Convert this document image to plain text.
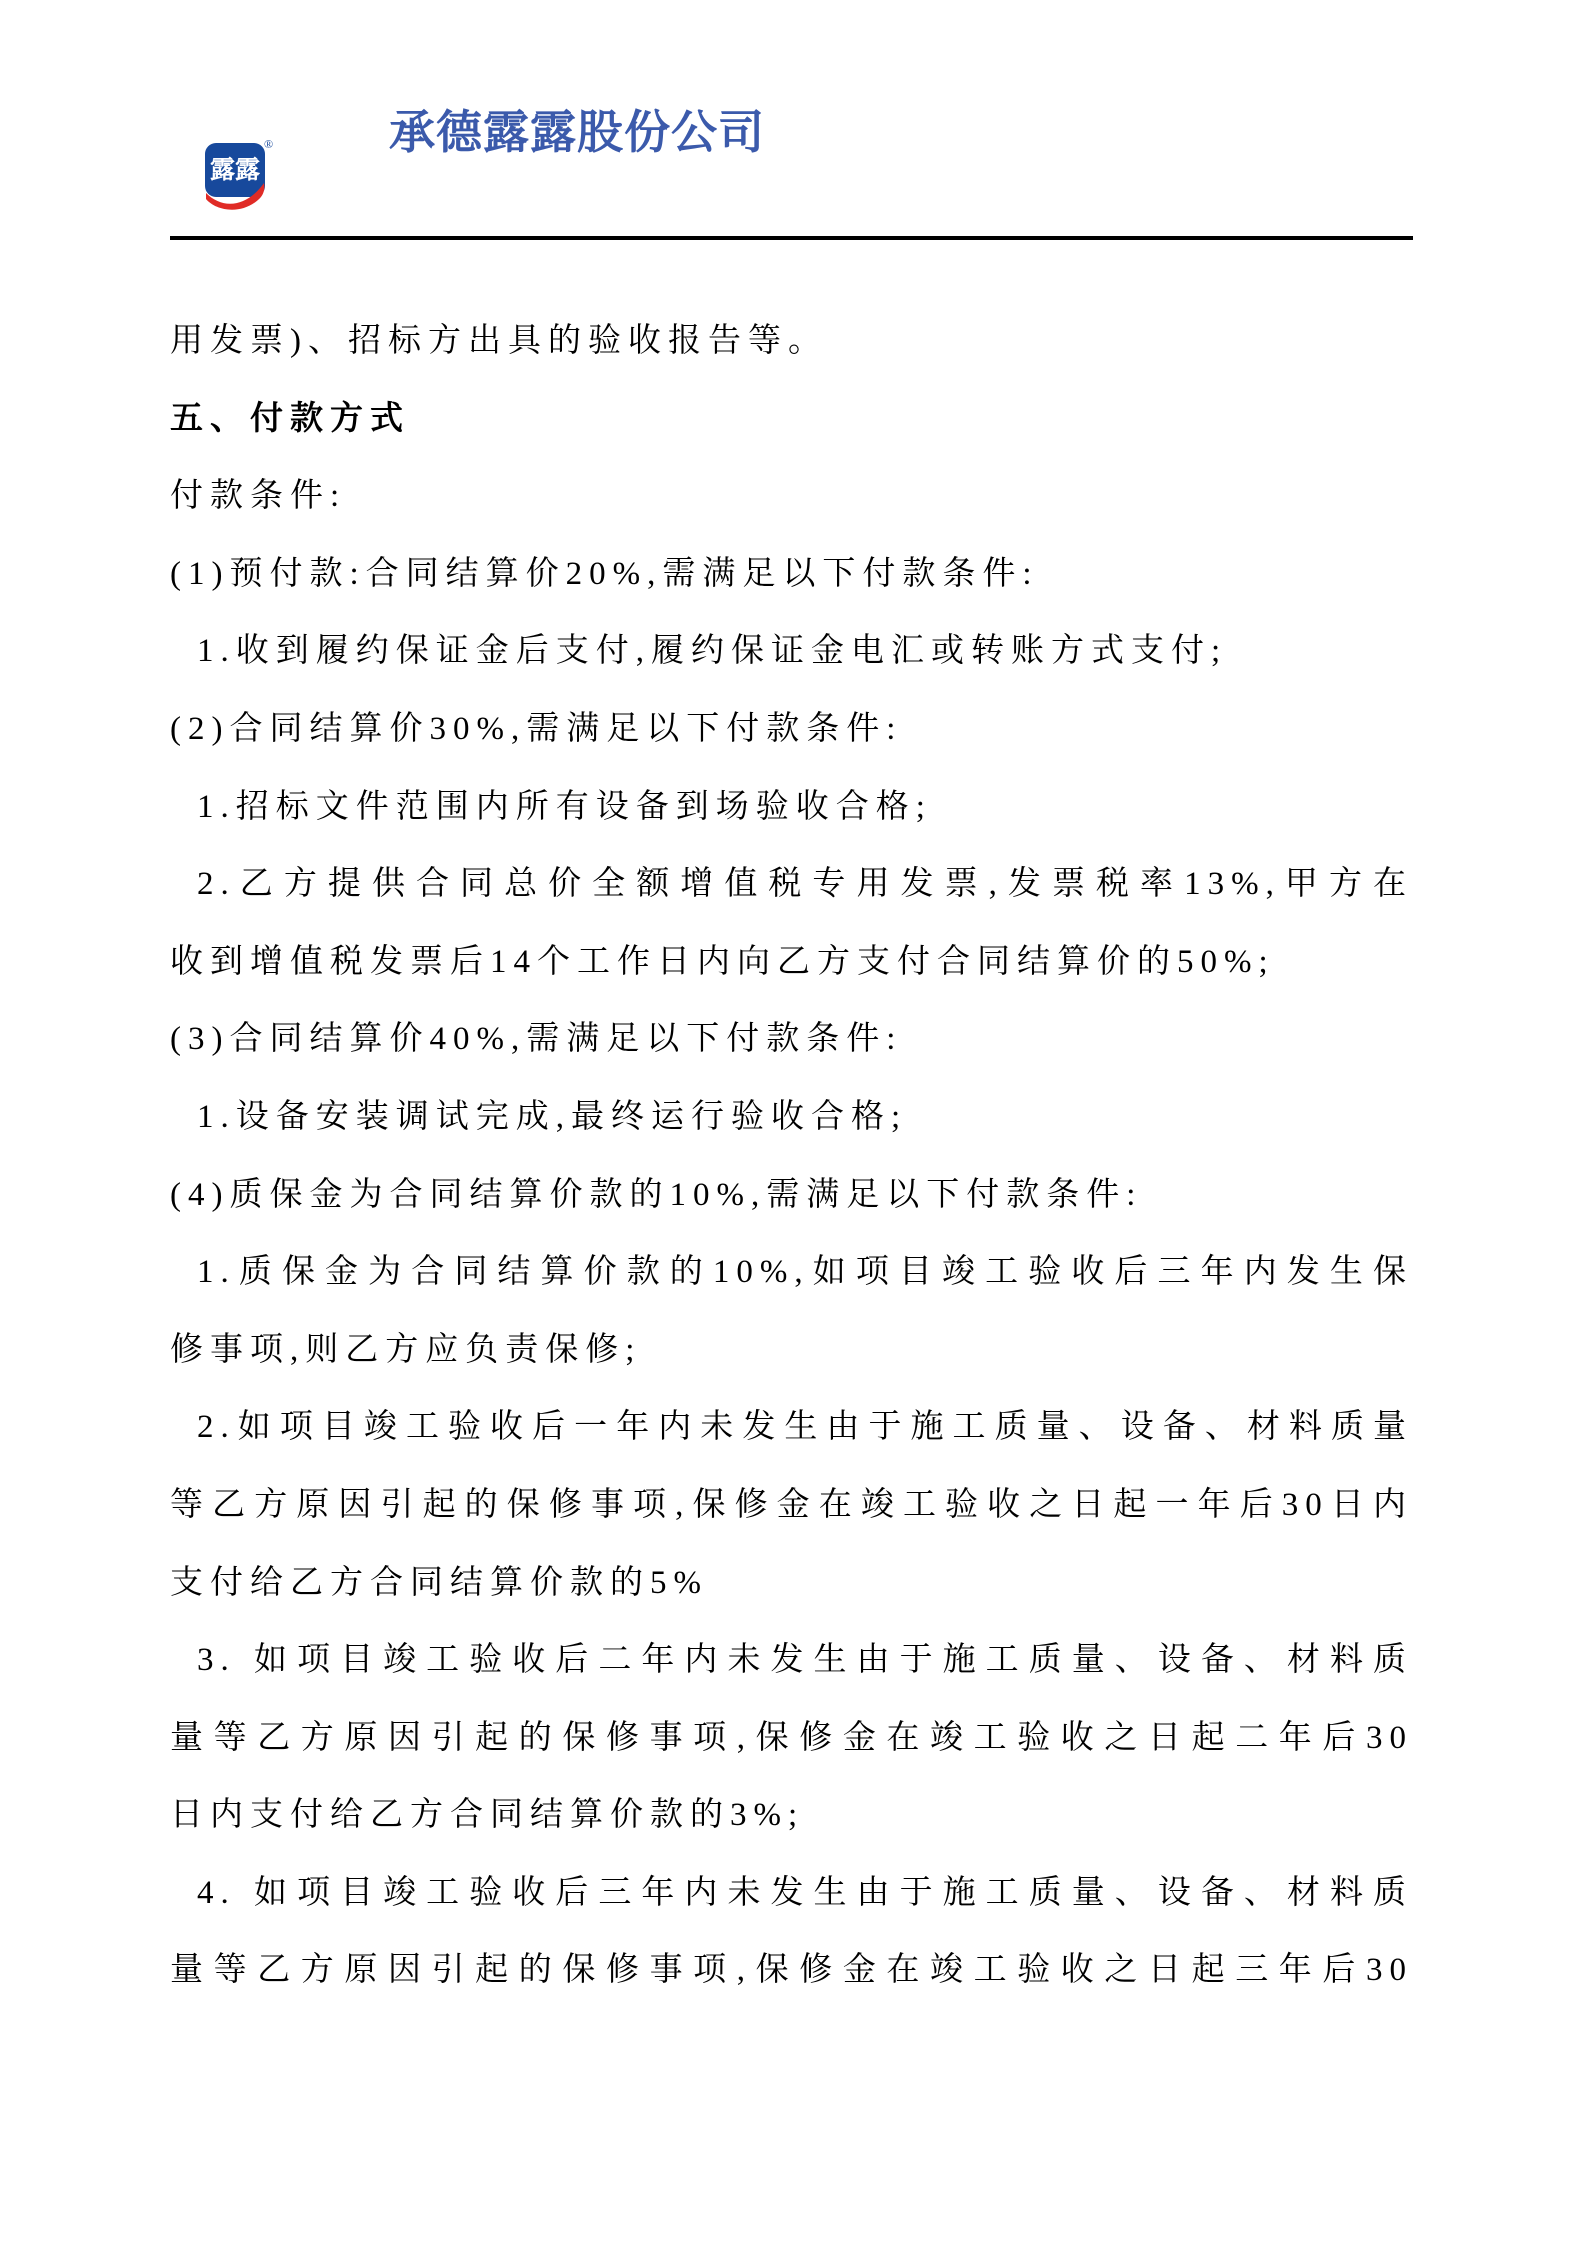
露露
®	承德露露股份公司
用发票)、招标方出具的验收报告等。
五、付款方式
付款条件:
(1)预付款:合同结算价20%,需满足以下付款条件:
1.收到履约保证金后支付,履约保证金电汇或转账方式支付;
(2)合同结算价30%,需满足以下付款条件:
1.招标文件范围内所有设备到场验收合格;
2.乙方提供合同总价全额增值税专用发票,发票税率13%,甲方在
收到增值税发票后14个工作日内向乙方支付合同结算价的50%;
(3)合同结算价40%,需满足以下付款条件:
1.设备安装调试完成,最终运行验收合格;
(4)质保金为合同结算价款的10%,需满足以下付款条件:
1.质保金为合同结算价款的10%,如项目竣工验收后三年内发生保
修事项,则乙方应负责保修;
2.如项目竣工验收后一年内未发生由于施工质量、设备、材料质量
等乙方原因引起的保修事项,保修金在竣工验收之日起一年后30日内
支付给乙方合同结算价款的5%
3. 如项目竣工验收后二年内未发生由于施工质量、设备、材料质
量等乙方原因引起的保修事项,保修金在竣工验收之日起二年后30
日内支付给乙方合同结算价款的3%;
4. 如项目竣工验收后三年内未发生由于施工质量、设备、材料质
量等乙方原因引起的保修事项,保修金在竣工验收之日起三年后30
